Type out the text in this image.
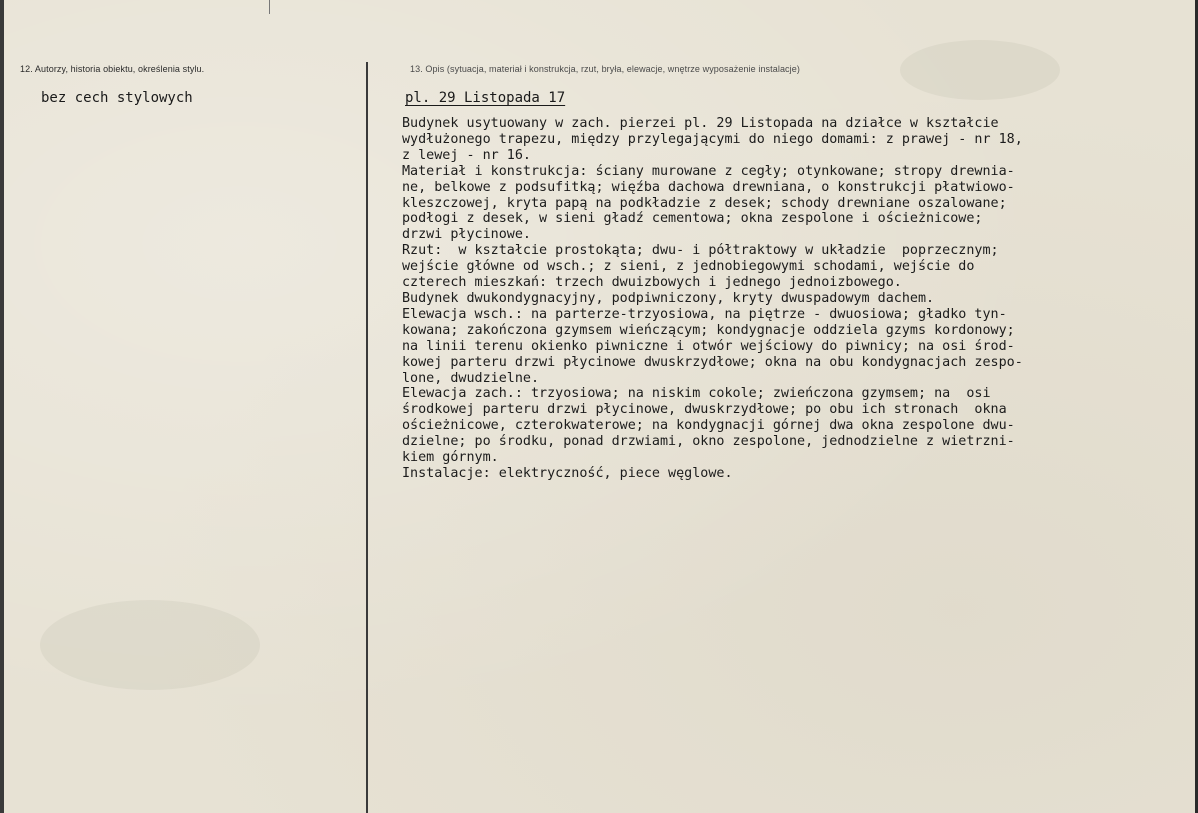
12. Autorzy, historia obiektu, określenia stylu.	13. Opis (sytuacja, materiał i konstrukcja, rzut, bryła, elewacje, wnętrze wyposażenie instalacje)
bez cech stylowych	pl. 29 Listopada 17
Budynek usytuowany w zach. pierzei pl. 29 Listopada na działce w kształcie
wydłużonego trapezu, między przylegającymi do niego domami: z prawej - nr 18,
z lewej - nr 16.
Materiał i konstrukcja: ściany murowane z cegły; otynkowane; stropy drewnia-
ne, belkowe z podsufitką; więźba dachowa drewniana, o konstrukcji płatwiowo-
kleszczowej, kryta papą na podkładzie z desek; schody drewniane oszalowane;
podłogi z desek, w sieni gładź cementowa; okna zespolone i ościeżnicowe;
drzwi płycinowe.
Rzut:  w kształcie prostokąta; dwu- i półtraktowy w układzie  poprzecznym;
wejście główne od wsch.; z sieni, z jednobiegowymi schodami, wejście do
czterech mieszkań: trzech dwuizbowych i jednego jednoizbowego.
Budynek dwukondygnacyjny, podpiwniczony, kryty dwuspadowym dachem.
Elewacja wsch.: na parterze-trzyosiowa, na piętrze - dwuosiowa; gładko tyn-
kowana; zakończona gzymsem wieńczącym; kondygnacje oddziela gzyms kordonowy;
na linii terenu okienko piwniczne i otwór wejściowy do piwnicy; na osi środ-
kowej parteru drzwi płycinowe dwuskrzydłowe; okna na obu kondygnacjach zespo-
lone, dwudzielne.
Elewacja zach.: trzyosiowa; na niskim cokole; zwieńczona gzymsem; na  osi
środkowej parteru drzwi płycinowe, dwuskrzydłowe; po obu ich stronach  okna
ościeżnicowe, czterokwaterowe; na kondygnacji górnej dwa okna zespolone dwu-
dzielne; po środku, ponad drzwiami, okno zespolone, jednodzielne z wietrzni-
kiem górnym.
Instalacje: elektryczność, piece węglowe.
